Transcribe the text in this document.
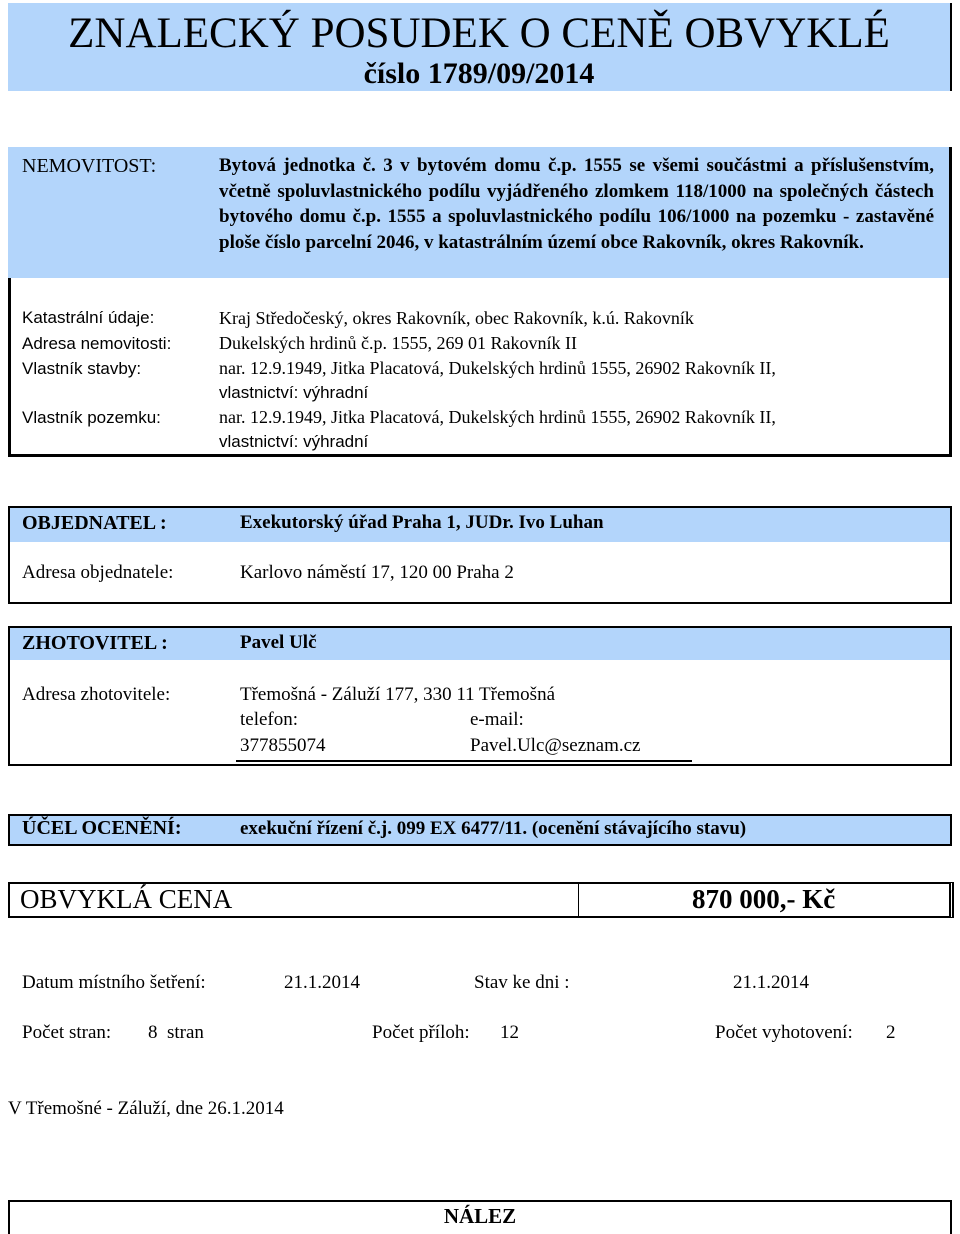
ZNALECKÝ POSUDEK O CENĚ OBVYKLÉ
číslo 1789/09/2014
NEMOVITOST:	Bytová jednotka č. 3 v bytovém domu č.p. 1555 se všemi součástmi a příslušenstvím, včetně spoluvlastnického podílu vyjádřeného zlomkem 118/1000 na společných částech bytového domu č.p. 1555 a spoluvlastnického podílu 106/1000 na pozemku - zastavěné ploše číslo parcelní 2046, v katastrálním území obce Rakovník, okres Rakovník.
Katastrální údaje:	Kraj Středočeský, okres Rakovník, obec Rakovník, k.ú. Rakovník
Adresa nemovitosti:	Dukelských hrdinů č.p. 1555, 269 01 Rakovník II
Vlastník stavby:	nar. 12.9.1949, Jitka Placatová, Dukelských hrdinů 1555, 26902 Rakovník II,
vlastnictví: výhradní
Vlastník pozemku:	nar. 12.9.1949, Jitka Placatová, Dukelských hrdinů 1555, 26902 Rakovník II,
vlastnictví: výhradní
OBJEDNATEL :	Exekutorský úřad Praha 1, JUDr. Ivo Luhan
Adresa objednatele:	Karlovo náměstí 17, 120 00 Praha 2
ZHOTOVITEL :	Pavel Ulč
Adresa zhotovitele:	Třemošná - Záluží 177, 330 11 Třemošná
telefon:
377855074
e-mail:
Pavel.Ulc@seznam.cz
ÚČEL OCENĚNÍ:	exekuční řízení č.j. 099 EX 6477/11. (ocenění stávajícího stavu)
OBVYKLÁ CENA	870 000,- Kč
Datum místního šetření:	21.1.2014	Stav ke dni :	21.1.2014
Počet stran: 8  stran	Počet příloh: 12	Počet vyhotovení: 2
V Třemošné - Záluží, dne 26.1.2014
NÁLEZ
